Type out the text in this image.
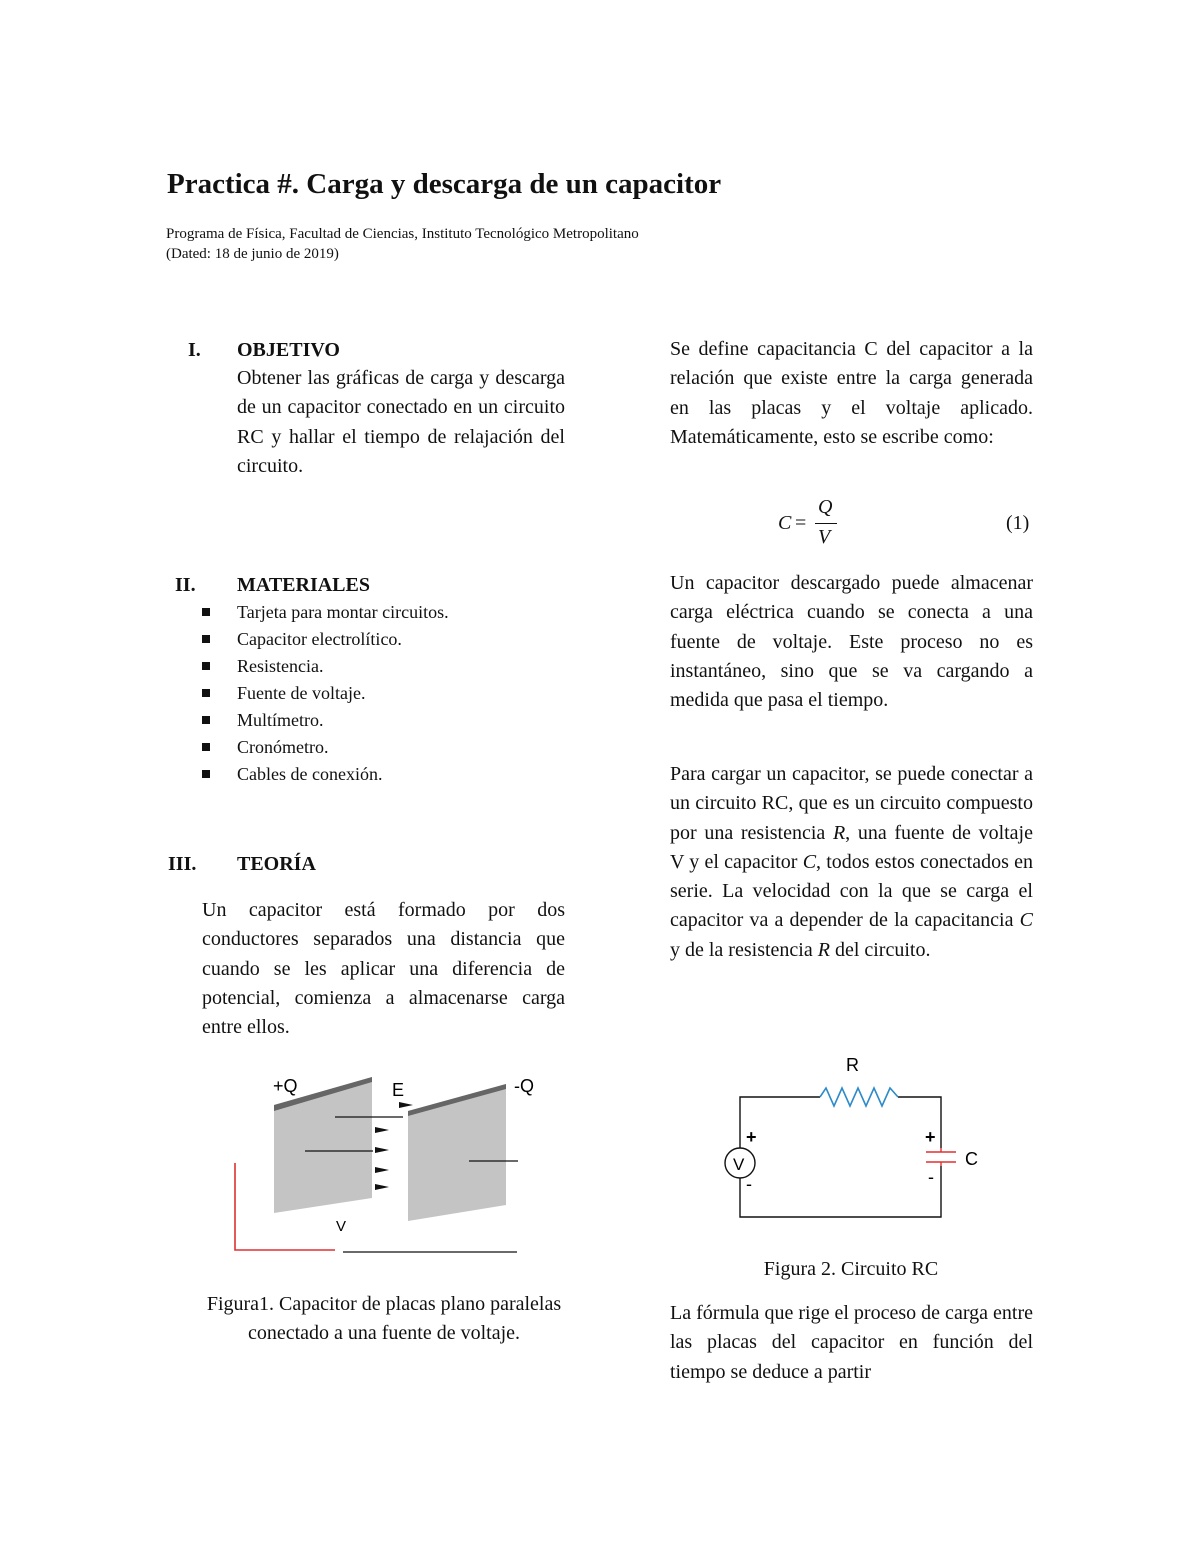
Practica #. Carga y descarga de un capacitor
Programa de Física, Facultad de Ciencias, Instituto Tecnológico Metropolitano
(Dated: 18 de junio de 2019)
I. OBJETIVO
Obtener las gráficas de carga y descarga de un capacitor conectado en un circuito RC y hallar el tiempo de relajación del circuito.
II. MATERIALES
Tarjeta para montar circuitos.
Capacitor electrolítico.
Resistencia.
Fuente de voltaje.
Multímetro.
Cronómetro.
Cables de conexión.
III. TEORÍA
Un capacitor está formado por dos conductores separados una distancia que cuando se les aplicar una diferencia de potencial, comienza a almacenarse carga entre ellos.
+Q	E	-Q
V
Figura1. Capacitor de placas plano paralelas conectado a una fuente de voltaje.
Se define capacitancia C del capacitor a la relación que existe entre la carga generada en las placas y el voltaje aplicado. Matemáticamente, esto se escribe como:
C =
Q
V
(1)
Un capacitor descargado puede almacenar carga eléctrica cuando se conecta a una fuente de voltaje. Este proceso no es instantáneo, sino que se va cargando a medida que pasa el tiempo.
Para cargar un capacitor, se puede conectar a un circuito RC, que es un circuito compuesto por una resistencia R, una fuente de voltaje V y el capacitor C, todos estos conectados en serie. La velocidad con la que se carga el capacitor va a depender de la capacitancia C y de la resistencia R del circuito.
V
R
C
+
-
+
-
Figura 2. Circuito RC
La fórmula que rige el proceso de carga entre las placas del capacitor en función del tiempo se deduce a partir
